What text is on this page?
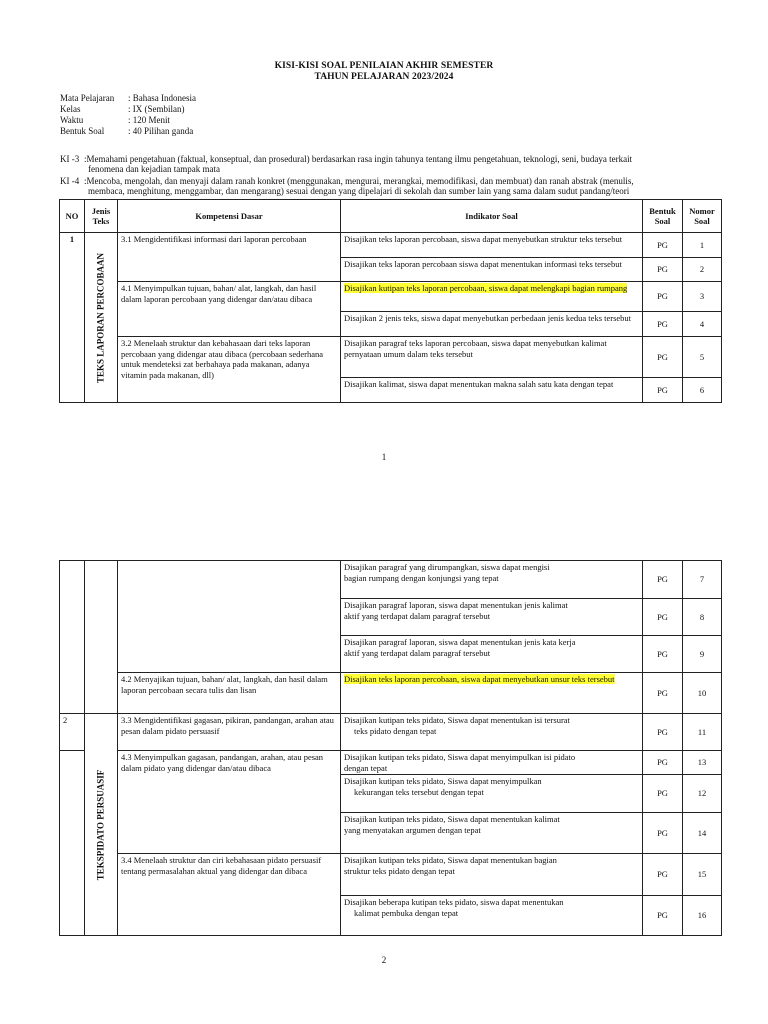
KISI-KISI SOAL PENILAIAN AKHIR SEMESTER
TAHUN PELAJARAN 2023/2024
Mata Pelajaran : Bahasa Indonesia
Kelas	: IX (Sembilan)
Waktu	: 120 Menit
Bentuk Soal	: 40 Pilihan ganda
KI -3 :Memahami pengetahuan (faktual, konseptual, dan prosedural) berdasarkan rasa ingin tahunya tentang ilmu pengetahuan, teknologi, seni, budaya terkait
fenomena dan kejadian tampak mata
KI -4 :Mencoba, mengolah, dan menyaji dalam ranah konkret (menggunakan, mengurai, merangkai, memodifikasi, dan membuat) dan ranah abstrak (menulis,
membaca, menghitung, menggambar, dan mengarang) sesuai dengan yang dipelajari di sekolah dan sumber lain yang sama dalam sudut pandang/teori
NO	Jenis Teks	Kompetensi Dasar	Indikator Soal	Bentuk Soal	Nomor Soal
1	TEKS LAPORAN PERCOBAAN	3.1 Mengidentifikasi informasi dari laporan percobaan	Disajikan teks laporan percobaan, siswa dapat menyebutkan struktur teks tersebut	PG	1
			Disajikan teks laporan percobaan siswa dapat menentukan informasi teks tersebut	PG	2
		4.1 Menyimpulkan tujuan, bahan/ alat, langkah, dan hasil dalam laporan percobaan yang didengar dan/atau dibaca	Disajikan kutipan teks laporan percobaan, siswa dapat melengkapi bagian rumpang	PG	3
			Disajikan 2 jenis teks, siswa dapat menyebutkan perbedaan jenis kedua teks tersebut	PG	4
		3.2 Menelaah struktur dan kebahasaan dari teks laporan percobaan yang didengar atau dibaca (percobaan sederhana untuk mendeteksi zat berbahaya pada makanan, adanya vitamin pada makanan, dll)	Disajikan paragraf teks laporan percobaan, siswa dapat menyebutkan kalimat pernyataan umum dalam teks tersebut	PG	5
			Disajikan kalimat, siswa dapat menentukan makna salah satu kata dengan tepat	PG	6
1

			Disajikan paragraf yang dirumpangkan, siswa dapat mengisi
bagian rumpang dengan konjungsi yang tepat	PG	7

			Disajikan paragraf laporan, siswa dapat menentukan jenis kalimat
aktif yang terdapat dalam paragraf tersebut	PG	8

			Disajikan paragraf laporan, siswa dapat menentukan jenis kata kerja
aktif yang terdapat dalam paragraf tersebut	PG	9
		4.2 Menyajikan tujuan, bahan/ alat, langkah, dan hasil dalam laporan percobaan secara tulis dan lisan	Disajikan teks laporan percobaan, siswa dapat menyebutkan unsur teks tersebut	PG	10
2	TEKSPIDATO PERSUASIF	3.3 Mengidentifikasi gagasan, pikiran, pandangan, arahan atau pesan dalam pidato persuasif	Disajikan kutipan teks pidato, Siswa dapat menentukan isi tersurat
teks pidato dengan tepat	PG	11
		4.3 Menyimpulkan gagasan, pandangan, arahan, atau pesan dalam pidato yang didengar dan/atau dibaca	Disajikan kutipan teks pidato, Siswa dapat menyimpulkan isi pidato
dengan tepat	PG	13

			Disajikan kutipan teks pidato, Siswa dapat menyimpulkan
kekurangan teks tersebut dengan tepat	PG	12

			Disajikan kutipan teks pidato, Siswa dapat menentukan kalimat
yang menyatakan argumen dengan tepat	PG	14
		3.4 Menelaah struktur dan ciri kebahasaan pidato persuasif tentang permasalahan aktual yang didengar dan dibaca	Disajikan kutipan teks pidato, Siswa dapat menentukan bagian
struktur teks pidato dengan tepat	PG	15

			Disajikan beberapa kutipan teks pidato, siswa dapat menentukan
kalimat pembuka dengan tepat	PG	16
2
